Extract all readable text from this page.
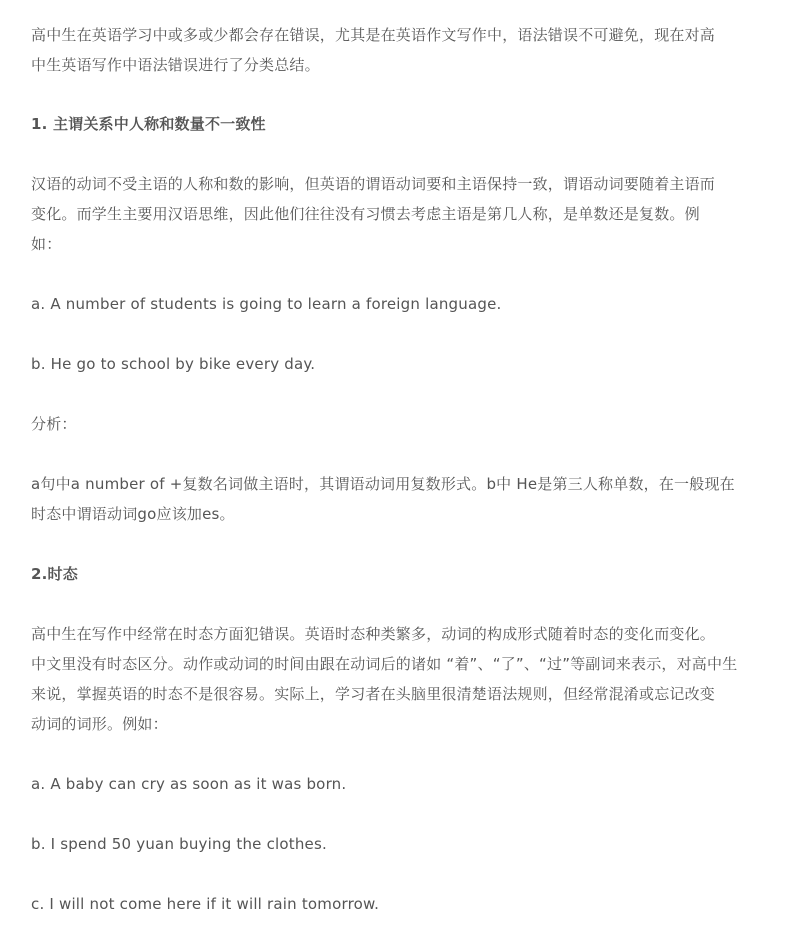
高中生在英语学习中或多或少都会存在错误，尤其是在英语作文写作中，语法错误不可避免，现在对高
中生英语写作中语法错误进行了分类总结。

1. 主谓关系中人称和数量不一致性

汉语的动词不受主语的人称和数的影响，但英语的谓语动词要和主语保持一致，谓语动词要随着主语而
变化。而学生主要用汉语思维，因此他们往往没有习惯去考虑主语是第几人称，是单数还是复数。例
如：

a. A number of students is going to learn a foreign language.

b. He go to school by bike every day.

分析：

a句中a number of +复数名词做主语时，其谓语动词用复数形式。b中 He是第三人称单数，在一般现在
时态中谓语动词go应该加es。

2.时态

高中生在写作中经常在时态方面犯错误。英语时态种类繁多，动词的构成形式随着时态的变化而变化。
中文里没有时态区分。动作或动词的时间由跟在动词后的诸如 “着”、“了”、“过”等副词来表示，对高中生
来说，掌握英语的时态不是很容易。实际上，学习者在头脑里很清楚语法规则，但经常混淆或忘记改变
动词的词形。例如：

a. A baby can cry as soon as it was born.

b. I spend 50 yuan buying the clothes.

c. I will not come here if it will rain tomorrow.
